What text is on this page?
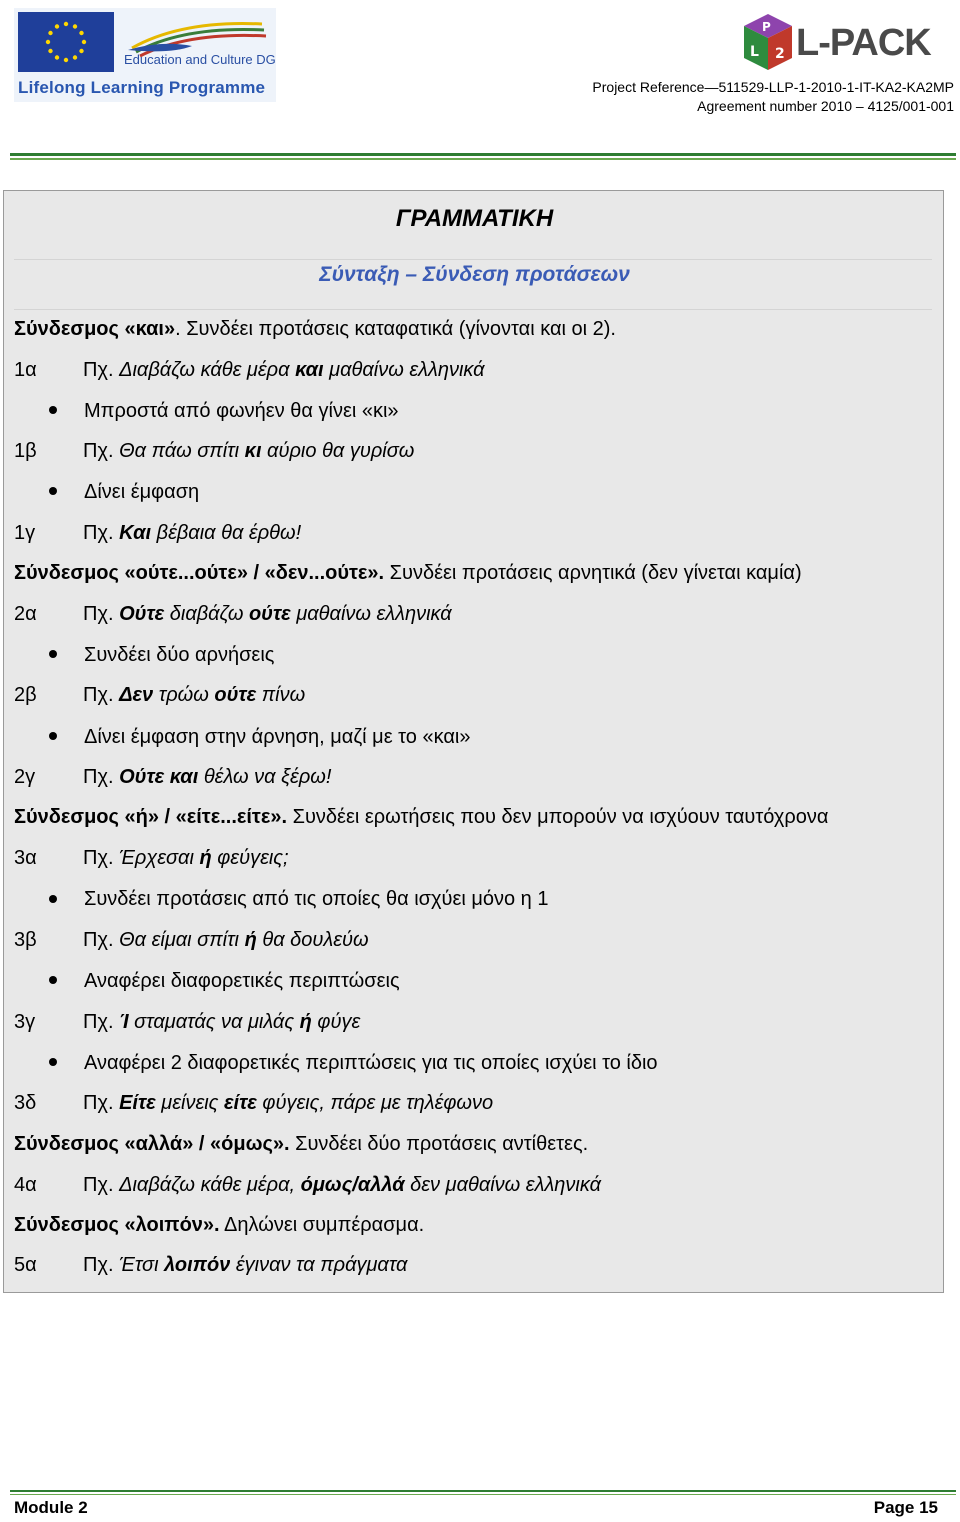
Education and Culture DG
Lifelong Learning Programme
P
L 2 L-PACK
Project Reference—511529-LLP-1-2010-1-IT-KA2-KA2MP
Agreement number 2010 – 4125/001-001
ΓΡΑΜΜΑΤΙΚΗ
Σύνταξη – Σύνδεση προτάσεων
Σύνδεσμος «και». Συνδέει προτάσεις καταφατικά (γίνονται και οι 2).
1α Πχ. Διαβάζω κάθε μέρα και μαθαίνω ελληνικά
Μπροστά από φωνήεν θα γίνει «κι»
1β Πχ. Θα πάω σπίτι κι αύριο θα γυρίσω
Δίνει έμφαση
1γ Πχ. Και βέβαια θα έρθω!
Σύνδεσμος «ούτε...ούτε» / «δεν...ούτε». Συνδέει προτάσεις αρνητικά (δεν γίνεται καμία)
2α Πχ. Ούτε διαβάζω ούτε μαθαίνω ελληνικά
Συνδέει δύο αρνήσεις
2β Πχ. Δεν τρώω ούτε πίνω
Δίνει έμφαση στην άρνηση, μαζί με το «και»
2γ Πχ. Ούτε και θέλω να ξέρω!
Σύνδεσμος «ή» / «είτε...είτε». Συνδέει ερωτήσεις που δεν μπορούν να ισχύουν ταυτόχρονα
3α Πχ. Έρχεσαι ή φεύγεις;
Συνδέει προτάσεις από τις οποίες θα ισχύει μόνο η 1
3β Πχ. Θα είμαι σπίτι ή θα δουλεύω
Αναφέρει διαφορετικές περιπτώσεις
3γ Πχ. Ί σταματάς να μιλάς ή φύγε
Αναφέρει 2 διαφορετικές περιπτώσεις για τις οποίες ισχύει το ίδιο
3δ Πχ. Είτε μείνεις είτε φύγεις, πάρε με τηλέφωνο
Σύνδεσμος «αλλά» / «όμως». Συνδέει δύο προτάσεις αντίθετες.
4α Πχ. Διαβάζω κάθε μέρα, όμως/αλλά δεν μαθαίνω ελληνικά
Σύνδεσμος «λοιπόν». Δηλώνει συμπέρασμα.
5α Πχ. Έτσι λοιπόν έγιναν τα πράγματα
Module 2	Page 15
